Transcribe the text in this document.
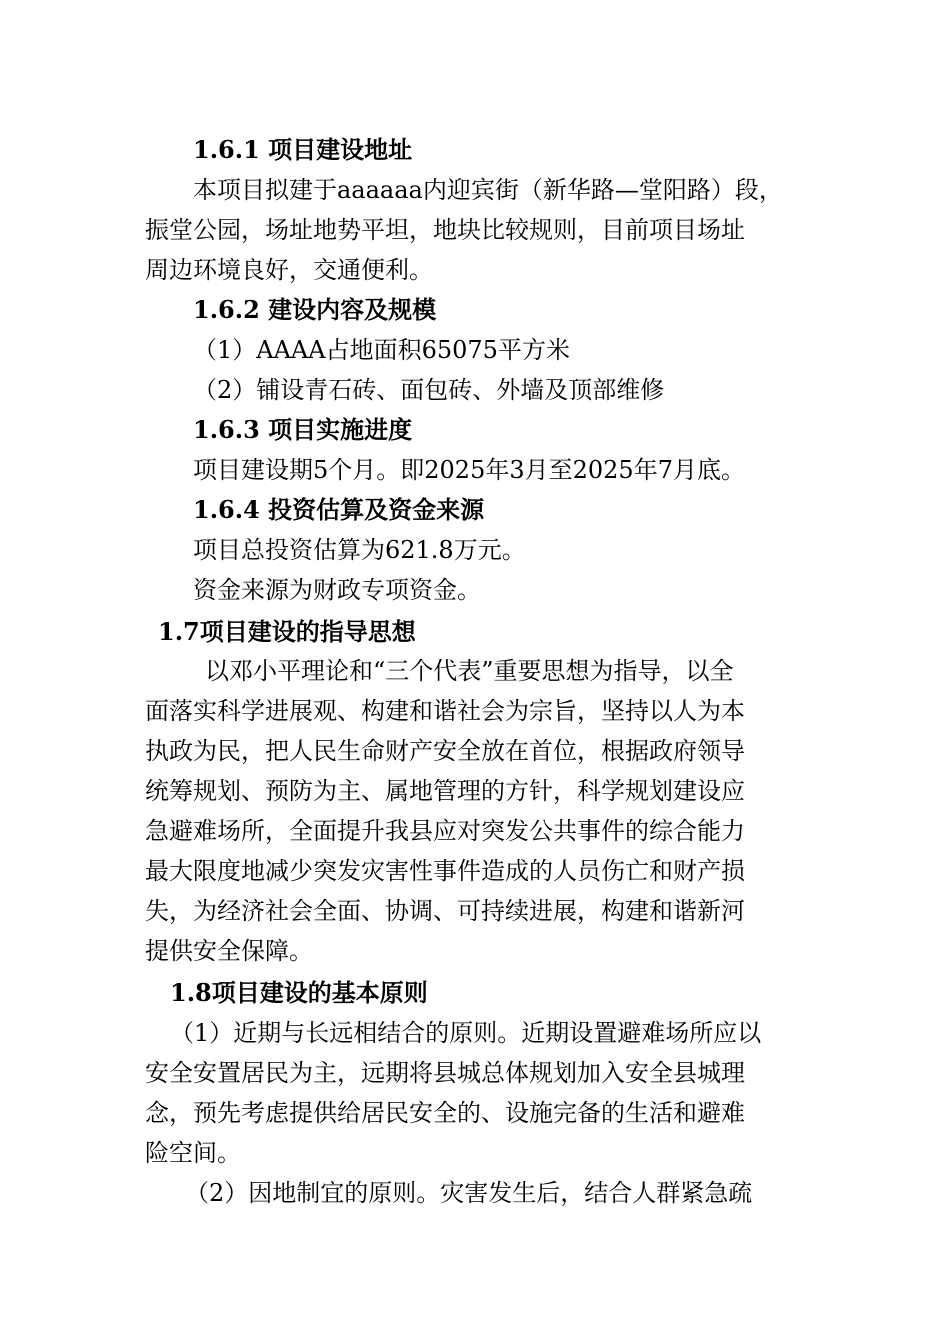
1.6.1 项目建设地址
本项目拟建于aaaaaa内迎宾街（新华路—堂阳路）段，
振堂公园，场址地势平坦，地块比较规则，目前项目场址
周边环境良好，交通便利。
1.6.2 建设内容及规模
（1）AAAA占地面积65075平方米
（2）铺设青石砖、面包砖、外墙及顶部维修
1.6.3 项目实施进度
项目建设期5个月。即2025年3月至2025年7月底。
1.6.4 投资估算及资金来源
项目总投资估算为621.8万元。
资金来源为财政专项资金。
1.7项目建设的指导思想
以邓小平理论和“三个代表”重要思想为指导，以全
面落实科学进展观、构建和谐社会为宗旨，坚持以人为本
执政为民，把人民生命财产安全放在首位，根据政府领导
统筹规划、预防为主、属地管理的方针，科学规划建设应
急避难场所，全面提升我县应对突发公共事件的综合能力
最大限度地减少突发灾害性事件造成的人员伤亡和财产损
失，为经济社会全面、协调、可持续进展，构建和谐新河
提供安全保障。
1.8项目建设的基本原则
（1）近期与长远相结合的原则。近期设置避难场所应以
安全安置居民为主，远期将县城总体规划加入安全县城理
念，预先考虑提供给居民安全的、设施完备的生活和避难
险空间。
（2）因地制宜的原则。灾害发生后，结合人群紧急疏
